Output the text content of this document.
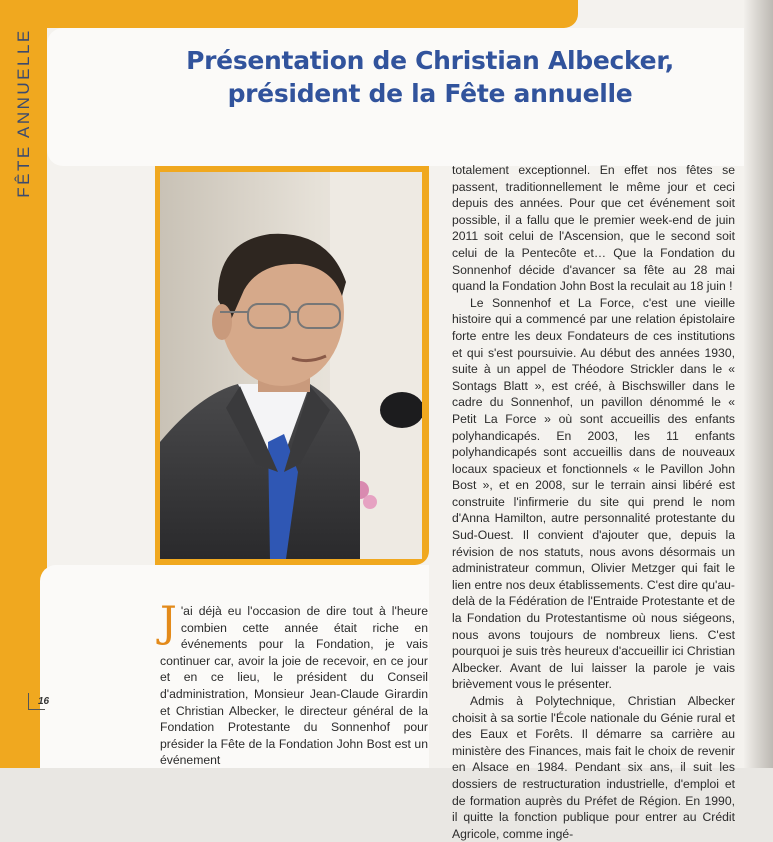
FÊTE ANNUELLE	Présentation de Christian Albecker,
président de la Fête annuelle

J 'ai déjà eu l'occasion de dire tout à l'heure combien cette année était riche en événements pour la Fondation, je vais continuer car, avoir la joie de recevoir, en ce jour et en ce lieu, le président du Conseil d'administration, Monsieur Jean-Claude Girardin et Christian Albecker, le directeur général de la Fondation Protestante du Sonnenhof pour présider la Fête de la Fondation John Bost est un événement

totalement exceptionnel. En effet nos fêtes se passent, traditionnellement le même jour et ceci depuis des années. Pour que cet événement soit possible, il a fallu que le premier week-end de juin 2011 soit celui de l'Ascension, que le second soit celui de la Pentecôte et… Que la Fondation du Sonnenhof décide d'avancer sa fête au 28 mai quand la Fondation John Bost la reculait au 18 juin !

Le Sonnenhof et La Force, c'est une vieille histoire qui a commencé par une relation épistolaire forte entre les deux Fondateurs de ces institutions et qui s'est poursuivie. Au début des années 1930, suite à un appel de Théodore Strickler dans le « Sontags Blatt », est créé, à Bischswiller dans le cadre du Sonnenhof, un pavillon dénommé le « Petit La Force » où sont accueillis des enfants polyhandicapés. En 2003, les 11 enfants polyhandicapés sont accueillis dans de nouveaux locaux spacieux et fonctionnels « le Pavillon John Bost », et en 2008, sur le terrain ainsi libéré est construite l'infirmerie du site qui prend le nom d'Anna Hamilton, autre personnalité protestante du Sud-Ouest. Il convient d'ajouter que, depuis la révision de nos statuts, nous avons désormais un administrateur commun, Olivier Metzger qui fait le lien entre nos deux établissements. C'est dire qu'au-delà de la Fédération de l'Entraide Protestante et de la Fondation du Protestantisme où nous siégeons, nous avons toujours de nombreux liens. C'est pourquoi je suis très heureux d'accueillir ici Christian Albecker. Avant de lui laisser la parole je vais brièvement vous le présenter.

Admis à Polytechnique, Christian Albecker choisit à sa sortie l'École nationale du Génie rural et des Eaux et Forêts. Il démarre sa carrière au ministère des Finances, mais fait le choix de revenir en Alsace en 1984. Pendant six ans, il suit les dossiers de restructuration industrielle, d'emploi et de formation auprès du Préfet de Région. En 1990, il quitte la fonction publique pour entrer au Crédit Agricole, comme ingé-

16
